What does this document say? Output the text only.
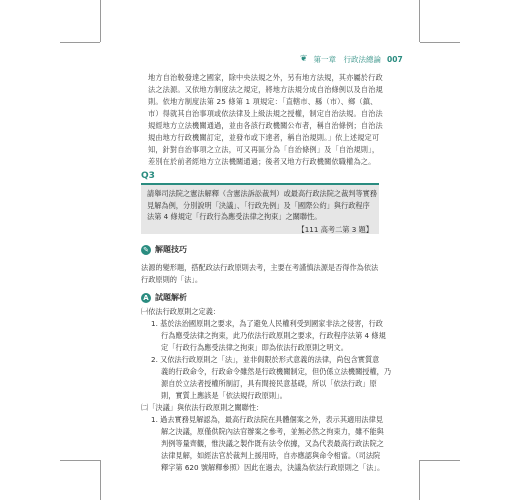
❦ 第一章　行政法總論 007
地方自治較發達之國家，除中央法規之外，另有地方法規，其亦屬於行政
法之法源。又依地方制度法之規定，將地方法規分成自治條例以及自治規
則。依地方制度法第 25 條第 1 項規定：「直轄市、縣（市）、鄉（鎮、
市）得就其自治事項或依法律及上級法規之授權，制定自治法規。自治法
規經地方立法機關通過，並由各該行政機關公布者，稱自治條例；自治法
規由地方行政機關訂定，並發布或下達者，稱自治規則。」依上述規定可
知，針對自治事項之立法，可又再區分為「自治條例」及「自治規則」，
差別在於前者經地方立法機關通過；後者又地方行政機關依職權為之。
Q3
請舉司法院之憲法解釋（含憲法訴訟裁判）或最高行政法院之裁判等實務
見解為例，分別說明「決議」、「行政先例」及「國際公約」與行政程序
法第 4 條規定「行政行為應受法律之拘束」之關聯性。
【111 高考二第 3 題】
✎ 解題技巧
法源的變形題，搭配政法行政原則去考，主要在考謹慎法源是否得作為依法
行政原則的「法」。
A 試題解析
㈠依法行政原則之定義：
1. 基於法治國原則之要求，為了避免人民權利受到國家非法之侵害，行政
行為應受法律之拘束，此乃依法行政原則之要求，行政程序法第 4 條規
定「行政行為應受法律之拘束」即為依法行政原則之明文。
2. 又依法行政原則之「法」，並非侷限於形式意義的法律，尚包含實質意
義的行政命令，行政命令雖然是行政機關制定，但仍係立法機關授權，乃
源自於立法者授權所制訂，具有間接民意基礎，所以「依法行政」原
則，實質上應該是「依法規行政原則」。
㈡「決議」與依法行政原則之關聯性：
1. 過去實務見解認為，最高行政法院在具體個案之外，表示其適用法律見
解之決議，原僅供院內法官辦案之參考，並無必然之拘束力，雖不能與
判例等量齊觀，惟決議之製作既有法令依據，又為代表最高行政法院之
法律見解，如經法官於裁判上援用時，自亦應認與命令相當。（司法院
釋字第 620 號解釋參照）因此在過去，決議為依法行政原則之「法」。
